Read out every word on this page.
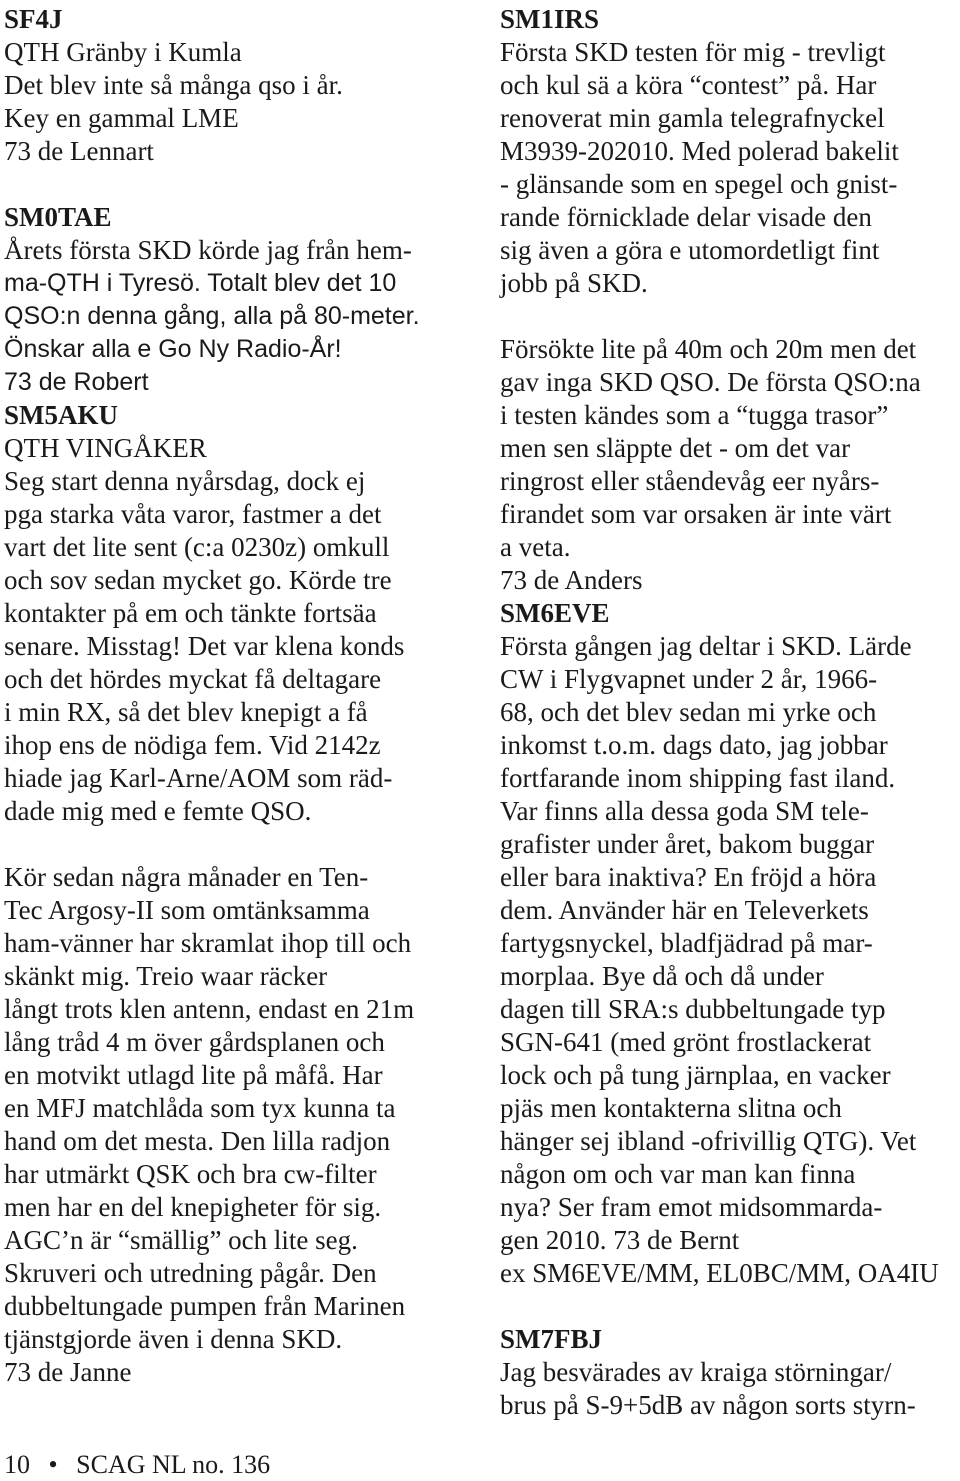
SF4J
QTH Gränby i Kumla
Det blev inte så många qso i år.
Key en gammal LME
73 de Lennart
SM0TAE
Årets första SKD körde jag från hem-
ma-QTH i Tyresö. Totalt blev det 10
QSO:n denna gång, alla på 80-meter.
Önskar alla e Go Ny Radio-År!
73 de Robert
SM5AKU
QTH VINGÅKER
Seg start denna nyårsdag, dock ej
pga starka våta varor, fastmer a det
vart det lite sent (c:a 0230z) omkull
och sov sedan mycket go. Körde tre
kontakter på em och tänkte fortsäa
senare. Misstag! Det var klena konds
och det hördes myckat få deltagare
i min RX, så det blev knepigt a få
ihop ens de nödiga fem. Vid 2142z
hiade jag Karl-Arne/AOM som räd-
dade mig med e femte QSO.
Kör sedan några månader en Ten-
Tec Argosy-II som omtänksamma
ham-vänner har skramlat ihop till och
skänkt mig. Treio waar räcker
långt trots klen antenn, endast en 21m
lång tråd 4 m över gårdsplanen och
en motvikt utlagd lite på måfå. Har
en MFJ matchlåda som tyx kunna ta
hand om det mesta. Den lilla radjon
har utmärkt QSK och bra cw-filter
men har en del knepigheter för sig.
AGC’n är “smällig” och lite seg.
Skruveri och utredning pågår. Den
dubbeltungade pumpen från Marinen
tjänstgjorde även i denna SKD.
73 de Janne
SM1IRS
Första SKD testen för mig - trevligt
och kul sä a köra “contest” på. Har
renoverat min gamla telegrafnyckel
M3939-202010. Med polerad bakelit
- glänsande som en spegel och gnist-
rande förnicklade delar visade den
sig även a göra e utomordetligt fint
jobb på SKD.
Försökte lite på 40m och 20m men det
gav inga SKD QSO. De första QSO:na
i testen kändes som a “tugga trasor”
men sen släppte det - om det var
ringrost eller ståendevåg eer nyårs-
firandet som var orsaken är inte värt
a veta.
73 de Anders
SM6EVE
Första gången jag deltar i SKD. Lärde
CW i Flygvapnet under 2 år, 1966-
68, och det blev sedan mi yrke och
inkomst t.o.m. dags dato, jag jobbar
fortfarande inom shipping fast iland.
Var finns alla dessa goda SM tele-
grafister under året, bakom buggar
eller bara inaktiva? En fröjd a höra
dem. Använder här en Televerkets
fartygsnyckel, bladfjädrad på mar-
morplaa. Bye då och då under
dagen till SRA:s dubbeltungade typ
SGN-641 (med grönt frostlackerat
lock och på tung järnplaa, en vacker
pjäs men kontakterna slitna och
hänger sej ibland -ofrivillig QTG). Vet
någon om och var man kan finna
nya? Ser fram emot midsommarda-
gen 2010. 73 de Bernt
ex SM6EVE/MM, EL0BC/MM, OA4IU
SM7FBJ
Jag besvärades av kraiga störningar/
brus på S-9+5dB av någon sorts styrn-
10 • SCAG NL no. 136
